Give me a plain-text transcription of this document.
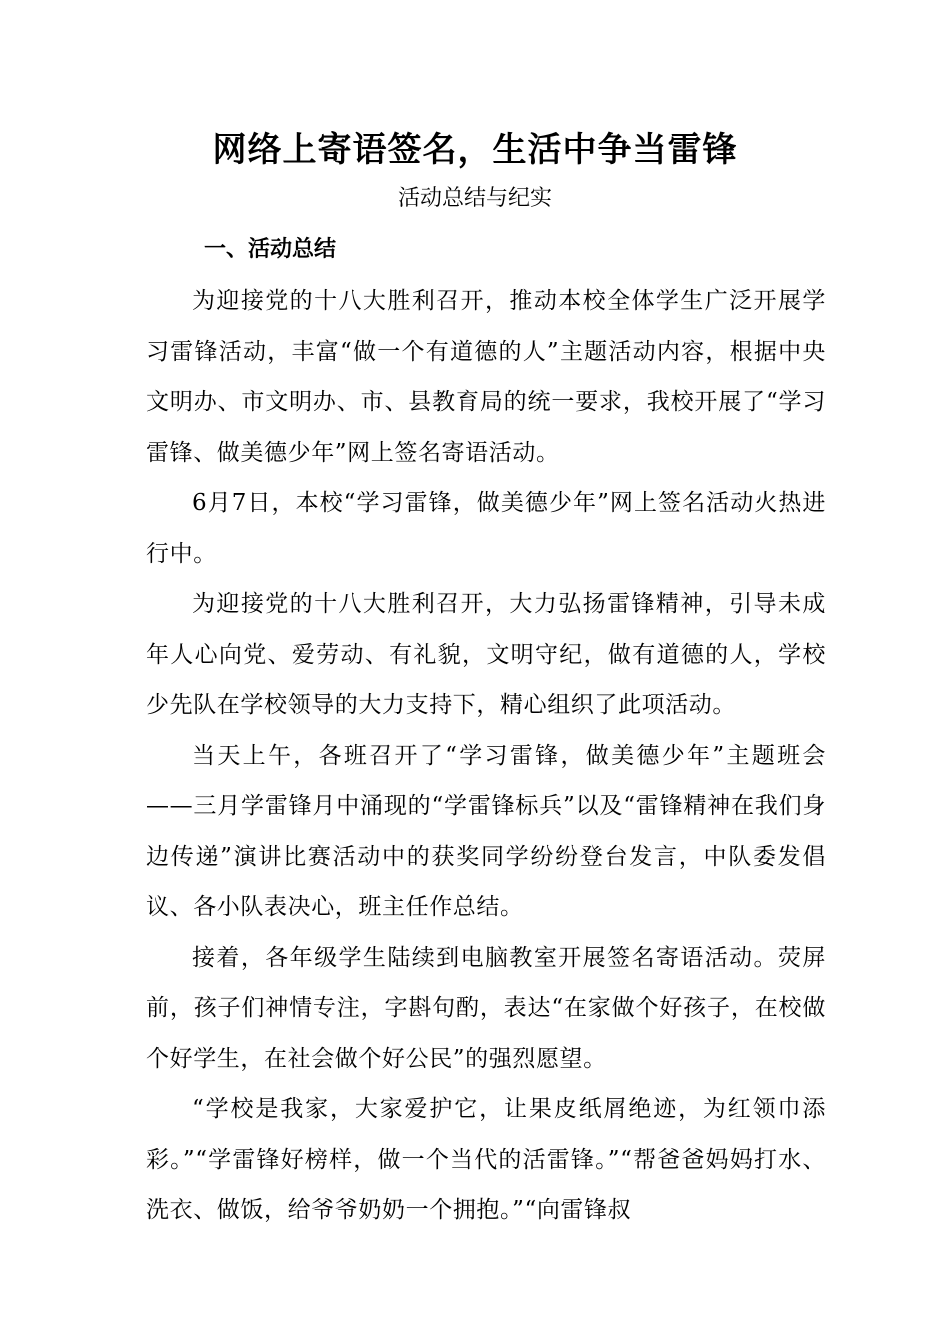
网络上寄语签名，生活中争当雷锋
活动总结与纪实
一、活动总结

为迎接党的十八大胜利召开，推动本校全体学生广泛开展学习雷锋活动，丰富“做一个有道德的人”主题活动内容，根据中央文明办、市文明办、市、县教育局的统一要求，我校开展了“学习雷锋、做美德少年”网上签名寄语活动。

6月7日，本校“学习雷锋，做美德少年”网上签名活动火热进行中。

为迎接党的十八大胜利召开，大力弘扬雷锋精神，引导未成年人心向党、爱劳动、有礼貌，文明守纪，做有道德的人，学校少先队在学校领导的大力支持下，精心组织了此项活动。

当天上午，各班召开了“学习雷锋，做美德少年”主题班会——三月学雷锋月中涌现的“学雷锋标兵”以及“雷锋精神在我们身边传递”演讲比赛活动中的获奖同学纷纷登台发言，中队委发倡议、各小队表决心，班主任作总结。

接着，各年级学生陆续到电脑教室开展签名寄语活动。荧屏前，孩子们神情专注，字斟句酌，表达“在家做个好孩子，在校做个好学生，在社会做个好公民”的强烈愿望。

“学校是我家，大家爱护它，让果皮纸屑绝迹，为红领巾添彩。”“学雷锋好榜样，做一个当代的活雷锋。”“帮爸爸妈妈打水、洗衣、做饭，给爷爷奶奶一个拥抱。”“向雷锋叔
